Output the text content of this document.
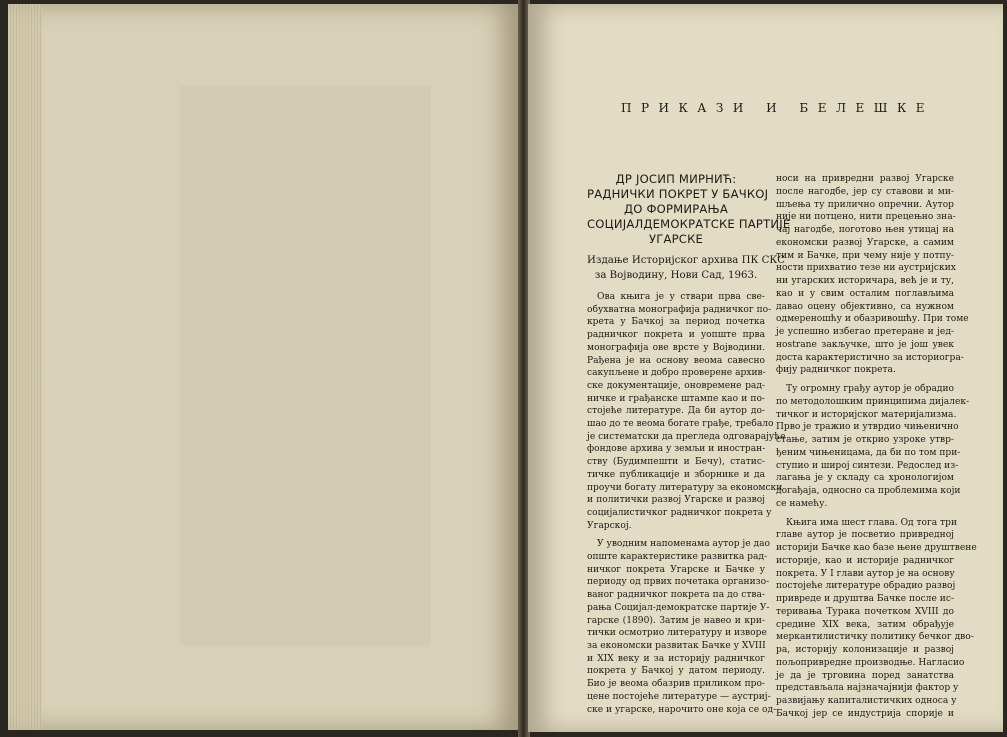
ПРИКАЗИ И БЕЛЕШКЕ
ДР ЈОСИП МИРНИЋ:
РАДНИЧКИ ПОКРЕТ У БАЧКОЈ
ДО ФОРМИРАЊА
СОЦИЈАЛДЕМОКРАТСКЕ ПАРТИЈЕ
УГАРСКЕ
Издање Историјског архива ПК СКС
за Војводину, Нови Сад, 1963.
Ова књига је у ствари прва све-
обухватна монографија радничког по-
крета у Бачкој за период почетка
радничког покрета и уопште прва
монографија ове врсте у Војводини.
Рађена је на основу веома савесно
сакупљене и добро проверене архив-
ске документације, оновремене рад-
ничке и грађанске штампе као и по-
стојеће литературе. Да би аутор до-
шао до те веома богате грађе, требало
је систематски да прегледа одговарајуће
фондове архива у земљи и иностран-
ству (Будимпешти и Бечу), статис-
тичке публикације и зборнике и да
проучи богату литературу за економски
и политички развој Угарске и развој
социјалистичког радничког покрета у
Угарској.
У уводним напоменама аутор је дао
опште карактеристике развитка рад-
ничког покрета Угарске и Бачке у
периоду од првих почетака организо-
ваног радничког покрета па до ства-
рања Социјал-демократске партије У-
гарске (1890). Затим је навео и кри-
тички осмотрио литературу и изворе
за економски развитак Бачке у XVIII
и XIX веку и за историју радничког
покрета у Бачкој у датом периоду.
Био је веома обазрив приликом про-
цене постојеће литературе — аустриј-
ске и угарске, нарочито оне која се од-
носи на привредни развој Угарске
после нагодбе, јер су ставови и ми-
шљења ту прилично опречни. Аутор
није ни потцено, нити прецењно зна-
чај нагодбе, поготово њен утицај на
економски развој Угарске, а самим
тим и Бачке, при чему није у потпу-
ности прихватио тезе ни аустријских
ни угарских историчара, већ је и ту,
као и у свим осталим поглављима
давао оцену објективно, са нужном
одмереношћу и обазривошћу. При томе
је успешно избегао претеране и јед-
нostrane закључке, што је још увек
доста карактеристично за историогра-
фију радничког покрета.
Ту огромну грађу аутор је обрадио
по методолошким принципима дијалек-
тичког и историјског материјализма.
Прво је тражио и утврдио чињенично
стање, затим је открио узроке утвр-
ђеним чињеницама, да би по том при-
ступио и широј синтези. Редослед из-
лагања је у складу са хронологијом
догађаја, односно са проблемима који
се намећу.
Књига има шест глава. Од тога три
главе аутор је посветио привредној
историји Бачке као базе њене друштвене
историје, као и историје радничког
покрета. У I глави аутор је на основу
постојеће литературе обрадио развој
привреде и друштва Бачке после ис-
теривања Турака почетком XVIII до
средине XIX века, затим обрађује
меркантилистичку политику бечког дво-
ра, историју колонизације и развој
пољопривредне производње. Нагласио
је да је трговина поред занатства
представљала најзначајнији фактор у
развијању капиталистичких односа у
Бачкој јер се индустрија спорије и
